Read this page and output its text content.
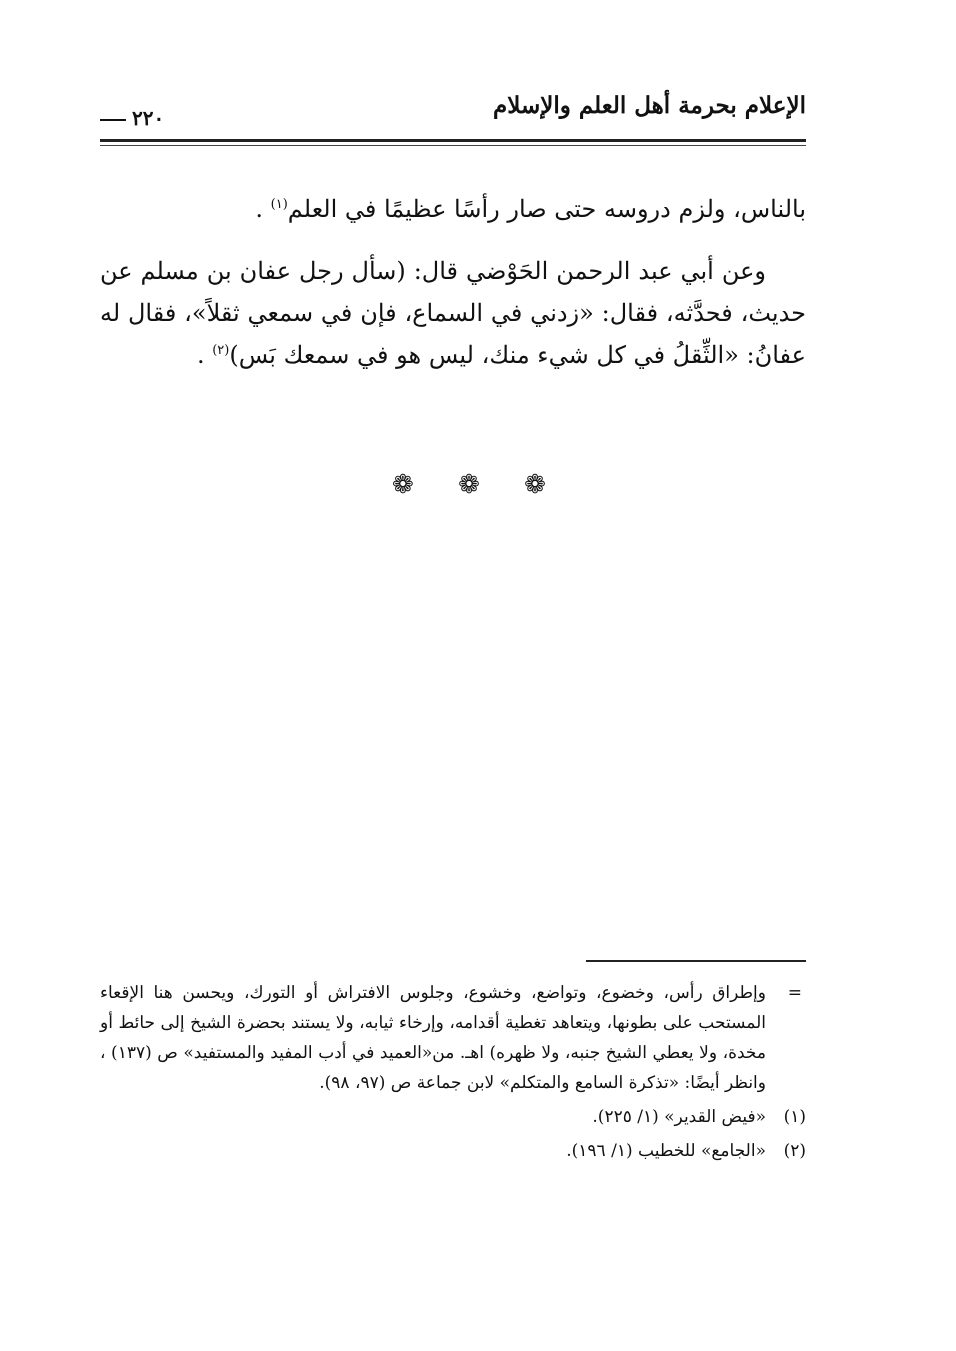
الإعلام بحرمة أهل العلم والإسلام
٢٢٠

بالناس، ولزم دروسه حتى صار رأسًا عظيمًا في العلم$^{(١)}$ .

وعن أبي عبد الرحمن الحَوْضي قال: (سأل رجل عفان بن مسلم عن حديث، فحدَّثه، فقال: «زدني في السماع، فإن في سمعي ثقلاً»، فقال له عفانُ: «الثِّقلُ في كل شيء منك، ليس هو في سمعك بَس)$^{(٢)}$ .

❁ ❁ ❁
=
وإطراق رأس، وخضوع، وتواضع، وخشوع، وجلوس الافتراش أو التورك، ويحسن هنا الإقعاء المستحب على بطونها، ويتعاهد تغطية أقدامه، وإرخاء ثيابه، ولا يستند بحضرة الشيخ إلى حائط أو مخدة، ولا يعطي الشيخ جنبه، ولا ظهره) اهـ. من«العميد في أدب المفيد والمستفيد» ص (١٣٧) ، وانظر أيضًا: «تذكرة السامع والمتكلم» لابن جماعة ص (٩٧، ٩٨).
(١)
«فيض القدير» (١/ ٢٢٥).
(٢)
«الجامع» للخطيب (١/ ١٩٦).
